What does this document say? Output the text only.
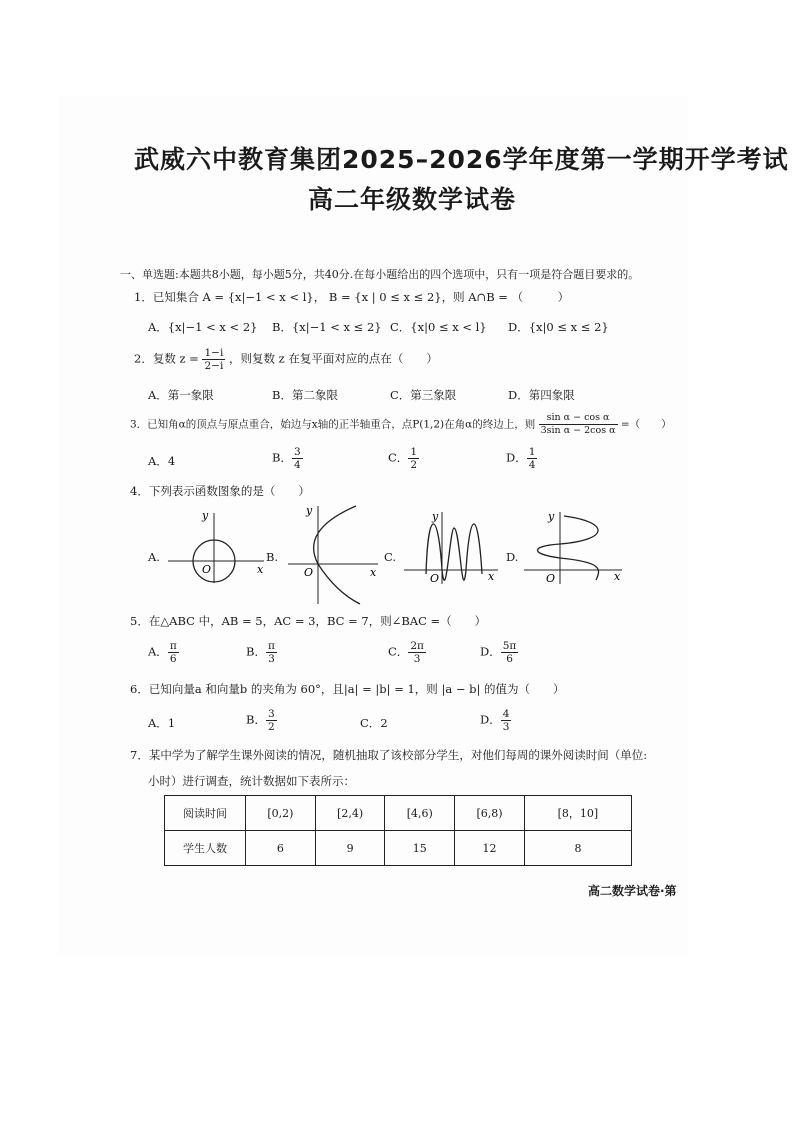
武威六中教育集团2025–2026学年度第一学期开学考试
高二年级数学试卷
一、单选题:本题共8小题，每小题5分，共40分.在每小题给出的四个选项中，只有一项是符合题目要求的。
1．已知集合 A = {x|−1 < x < l}， B = {x | 0 ≤ x ≤ 2}，则 A∩B = （　　　）
A．{x|−1 < x < 2} B．{x|−1 < x ≤ 2} C．{x|0 ≤ x < l} D．{x|0 ≤ x ≤ 2}
2．复数 $z = \frac{1-i}{2-i}$ ，则复数 z 在复平面对应的点在（　　）
A．第一象限	B．第二象限	C．第三象限	D．第四象限
3．已知角α的顶点与原点重合，始边与x轴的正半轴重合，点P(1,2)在角α的终边上，则 $\frac{\text{sin α − cos α}}{\text{3sin α − 2cos α}}$ =（　　）
A．4	B． $\frac{3}{4}$	C． $\frac{1}{2}$	D． $\frac{1}{4}$
4．下列表示函数图象的是（　　）
A.	B.	C.	D.
y
x
O
y
x
O
y
x
O
y
x
O
5．在△ABC 中，AB = 5，AC = 3，BC = 7，则∠BAC =（　　）
A． $\frac{\pi}{6}$	B． $\frac{\pi}{3}$	C． $\frac{2\pi}{3}$	D． $\frac{5\pi}{6}$
6．已知向量a 和向量b 的夹角为 60°，且|a| = |b| = 1，则 |a − b| 的值为（　　）
A．1	B． $\frac{3}{2}$	C．2	D． $\frac{4}{3}$
7．某中学为了解学生课外阅读的情况，随机抽取了该校部分学生，对他们每周的课外阅读时间（单位:
小时）进行调查，统计数据如下表所示：
阅读时间	[0,2)	[2,4)	[4,6)	[6,8)	[8，10]
学生人数	6	9	15	12	8
高二数学试卷·第
